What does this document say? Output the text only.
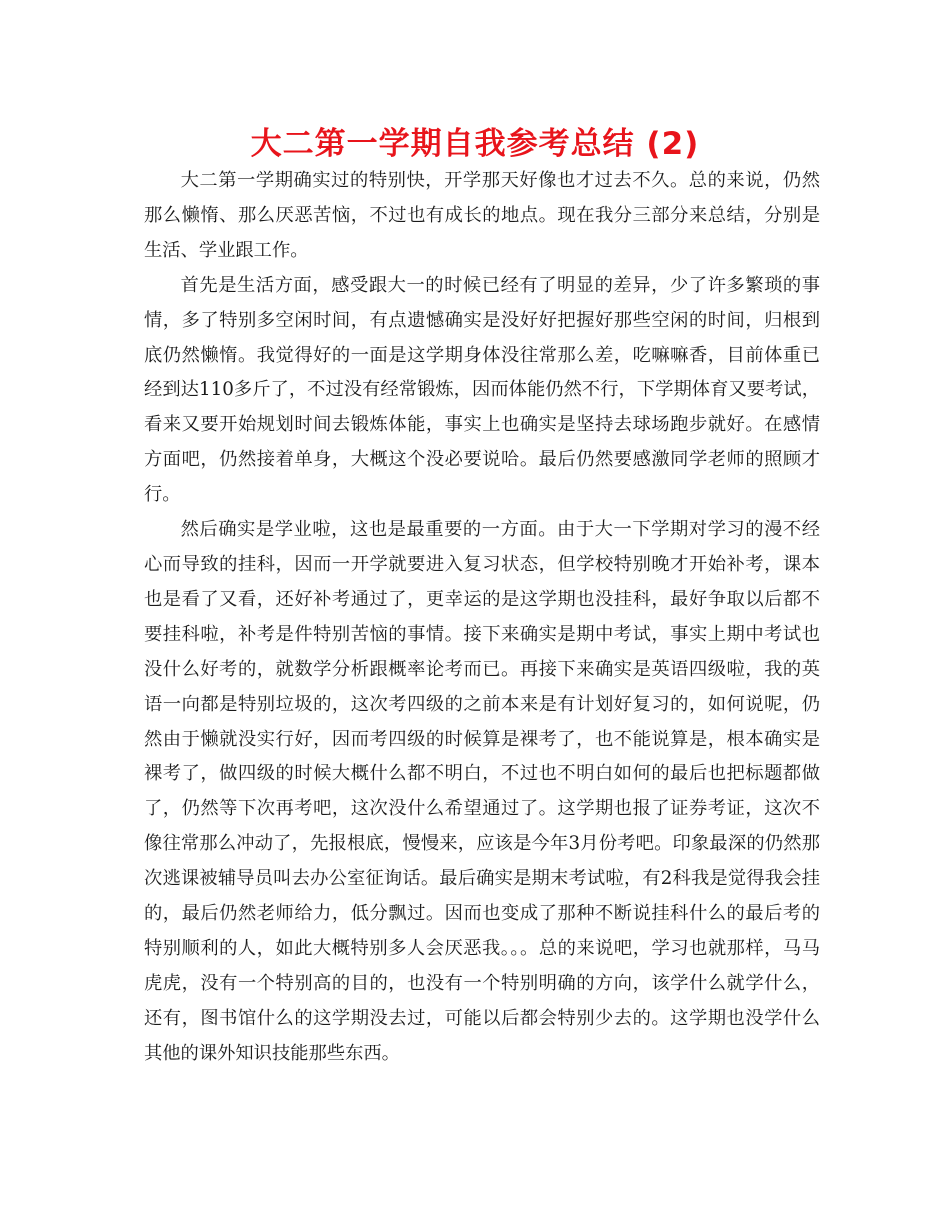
大二第一学期自我参考总结 (2)

大二第一学期确实过的特别快，开学那天好像也才过去不久。总的来说，仍然那么懒惰、那么厌恶苦恼，不过也有成长的地点。现在我分三部分来总结，分别是生活、学业跟工作。

首先是生活方面，感受跟大一的时候已经有了明显的差异，少了许多繁琐的事情，多了特别多空闲时间，有点遗憾确实是没好好把握好那些空闲的时间，归根到底仍然懒惰。我觉得好的一面是这学期身体没往常那么差，吃嘛嘛香，目前体重已经到达110多斤了，不过没有经常锻炼，因而体能仍然不行，下学期体育又要考试，看来又要开始规划时间去锻炼体能，事实上也确实是坚持去球场跑步就好。在感情方面吧，仍然接着单身，大概这个没必要说哈。最后仍然要感激同学老师的照顾才行。

然后确实是学业啦，这也是最重要的一方面。由于大一下学期对学习的漫不经心而导致的挂科，因而一开学就要进入复习状态，但学校特别晚才开始补考，课本也是看了又看，还好补考通过了，更幸运的是这学期也没挂科，最好争取以后都不要挂科啦，补考是件特别苦恼的事情。接下来确实是期中考试，事实上期中考试也没什么好考的，就数学分析跟概率论考而已。再接下来确实是英语四级啦，我的英语一向都是特别垃圾的，这次考四级的之前本来是有计划好复习的，如何说呢，仍然由于懒就没实行好，因而考四级的时候算是裸考了，也不能说算是，根本确实是裸考了，做四级的时候大概什么都不明白，不过也不明白如何的最后也把标题都做了，仍然等下次再考吧，这次没什么希望通过了。这学期也报了证券考证，这次不像往常那么冲动了，先报根底，慢慢来，应该是今年3月份考吧。印象最深的仍然那次逃课被辅导员叫去办公室征询话。最后确实是期末考试啦，有2科我是觉得我会挂的，最后仍然老师给力，低分飘过。因而也变成了那种不断说挂科什么的最后考的特别顺利的人，如此大概特别多人会厌恶我。。。总的来说吧，学习也就那样，马马虎虎，没有一个特别高的目的，也没有一个特别明确的方向，该学什么就学什么，还有，图书馆什么的这学期没去过，可能以后都会特别少去的。这学期也没学什么其他的课外知识技能那些东西。
